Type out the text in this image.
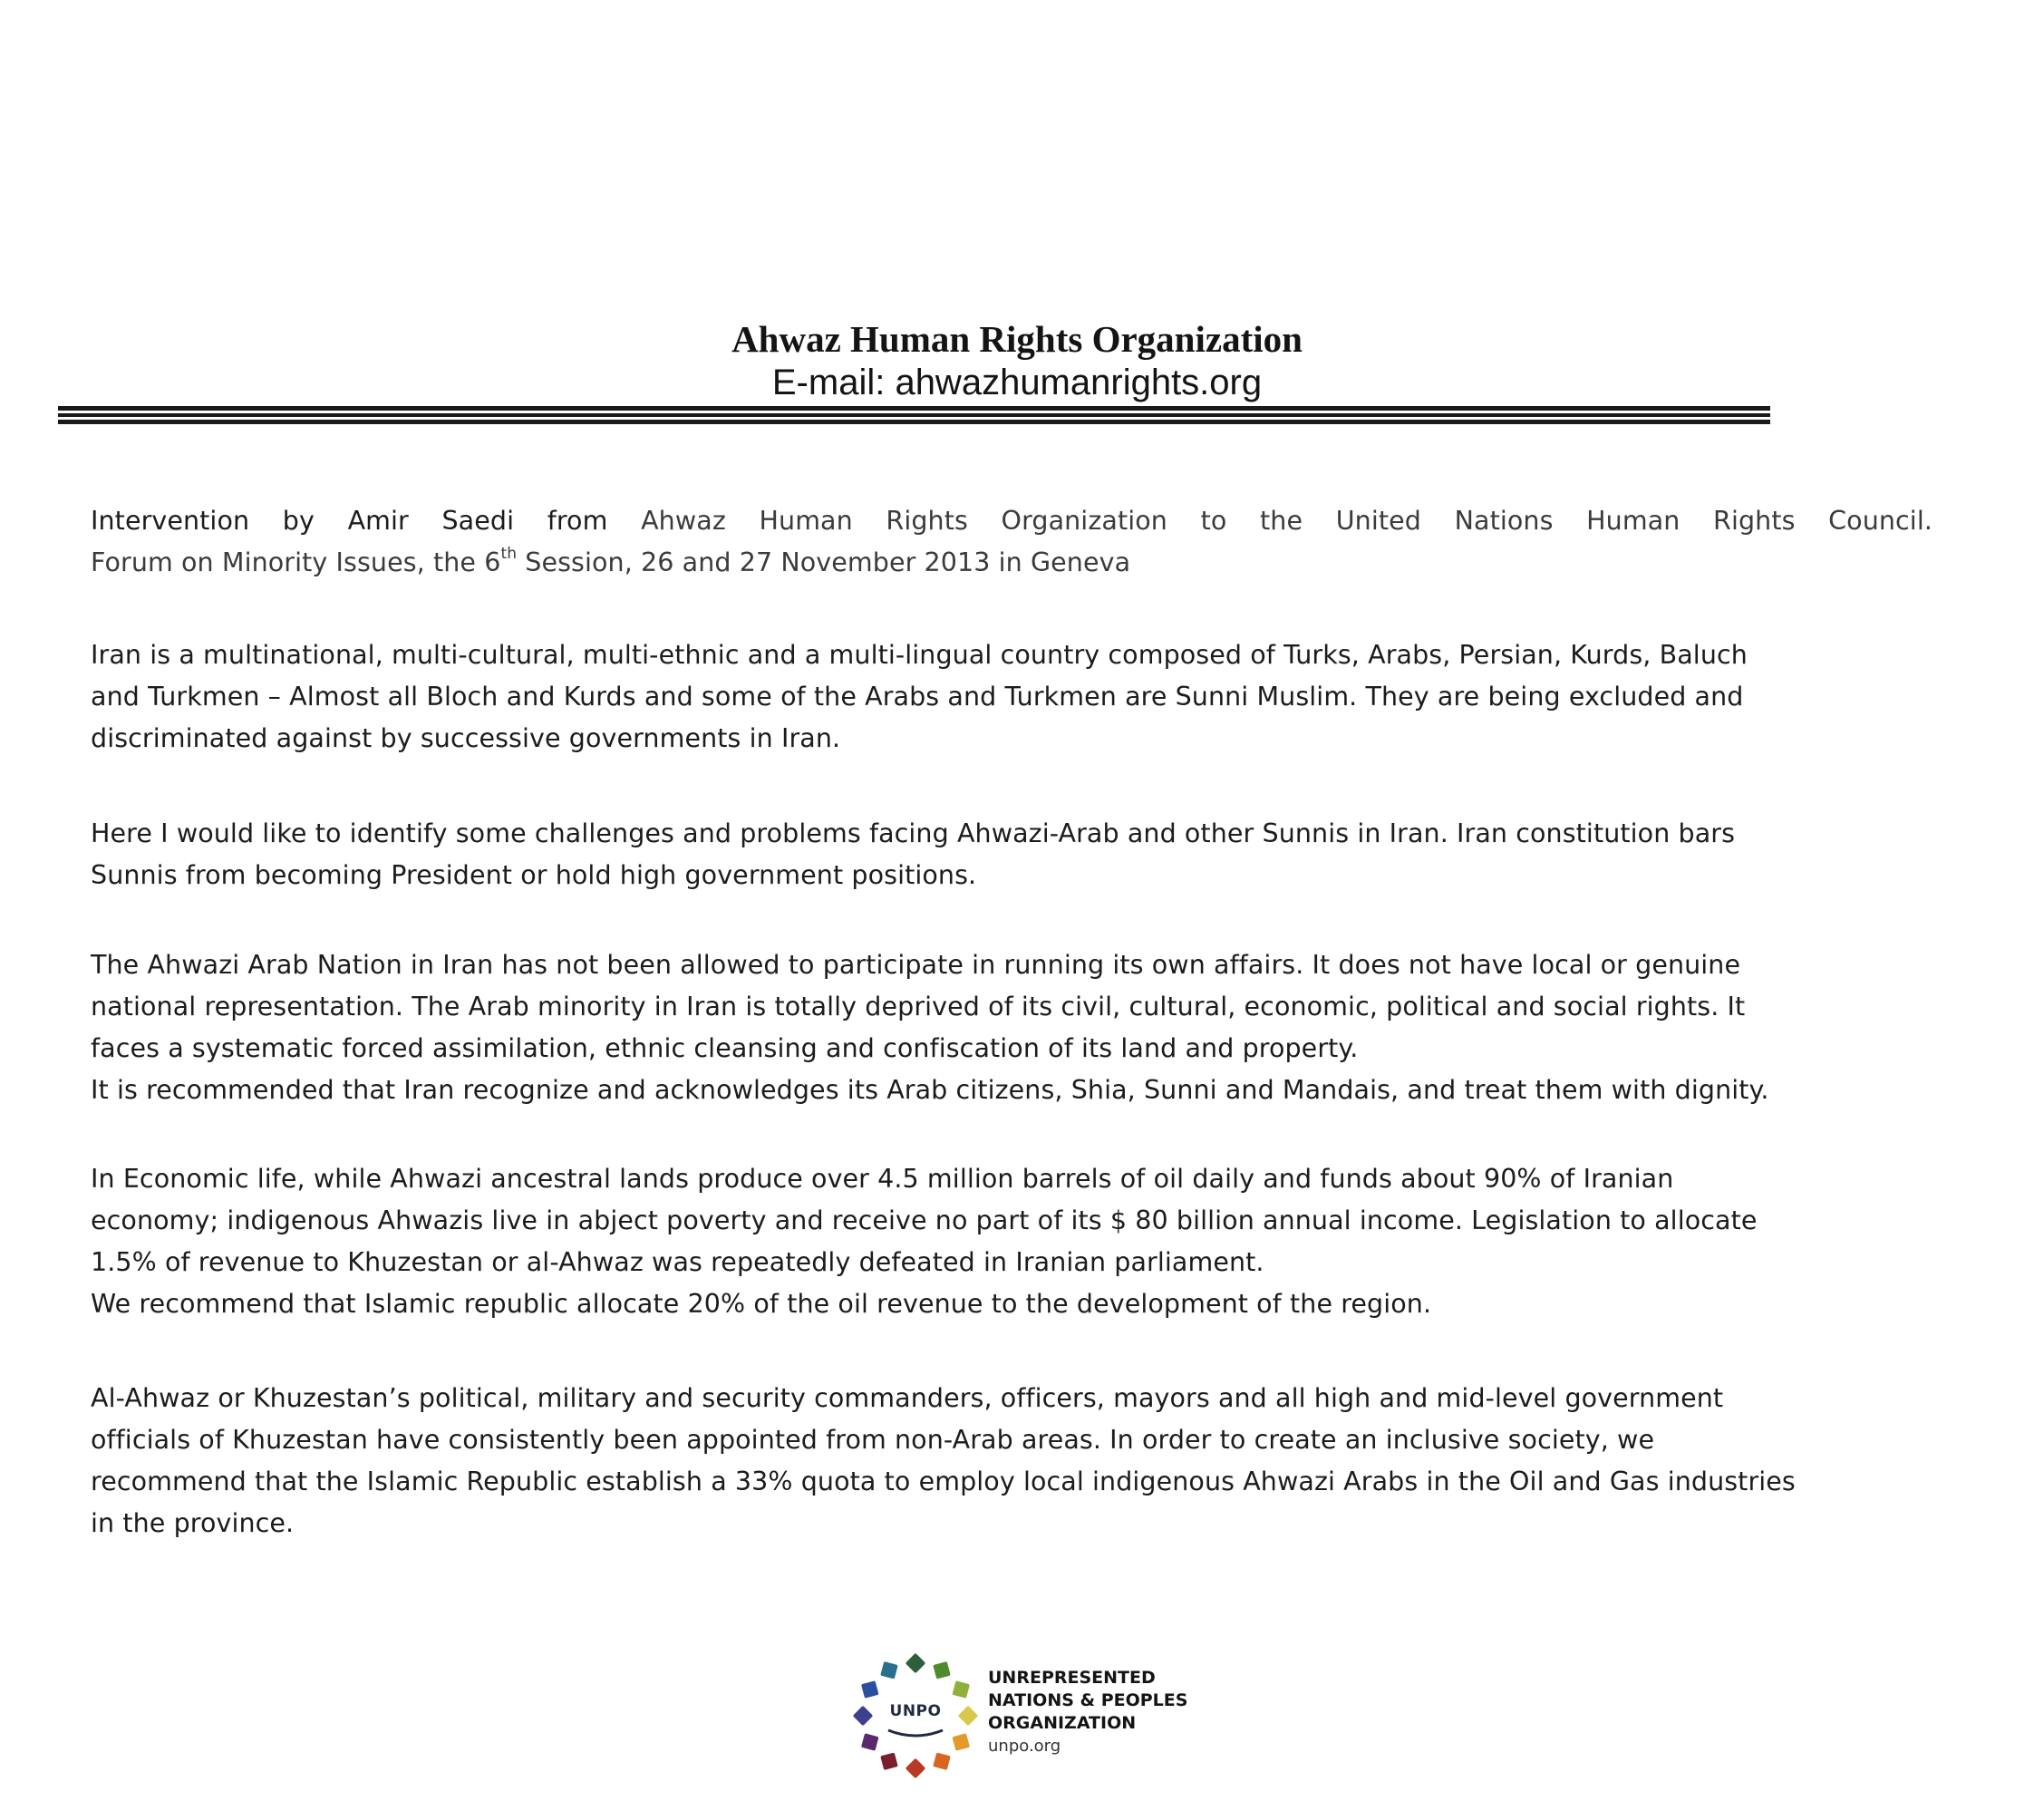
Ahwaz Human Rights Organization
E-mail: ahwazhumanrights.org

Intervention by Amir Saedi from Ahwaz Human Rights Organization to the United Nations Human Rights Council.

Forum on Minority Issues, the 6th Session, 26 and 27 November 2013 in Geneva

Iran is a multinational, multi-cultural, multi-ethnic and a multi-lingual country composed of Turks, Arabs, Persian, Kurds, Baluch

and Turkmen – Almost all Bloch and Kurds and some of the Arabs and Turkmen are Sunni Muslim. They are being excluded and

discriminated against by successive governments in Iran.

Here I would like to identify some challenges and problems facing Ahwazi-Arab and other Sunnis in Iran. Iran constitution bars

Sunnis from becoming President or hold high government positions.

The Ahwazi Arab Nation in Iran has not been allowed to participate in running its own affairs. It does not have local or genuine

national representation. The Arab minority in Iran is totally deprived of its civil, cultural, economic, political and social rights. It

faces a systematic forced assimilation, ethnic cleansing and confiscation of its land and property.

It is recommended that Iran recognize and acknowledges its Arab citizens, Shia, Sunni and Mandais, and treat them with dignity.

In Economic life, while Ahwazi ancestral lands produce over 4.5 million barrels of oil daily and funds about 90% of Iranian

economy; indigenous Ahwazis live in abject poverty and receive no part of its $ 80 billion annual income. Legislation to allocate

1.5% of revenue to Khuzestan or al-Ahwaz was repeatedly defeated in Iranian parliament.

We recommend that Islamic republic allocate 20% of the oil revenue to the development of the region.

Al-Ahwaz or Khuzestan’s political, military and security commanders, officers, mayors and all high and mid-level government

officials of Khuzestan have consistently been appointed from non-Arab areas. In order to create an inclusive society, we

recommend that the Islamic Republic establish a 33% quota to employ local indigenous Ahwazi Arabs in the Oil and Gas industries

in the province.

UNPO
UNREPRESENTED
NATIONS & PEOPLES
ORGANIZATION
unpo.org
